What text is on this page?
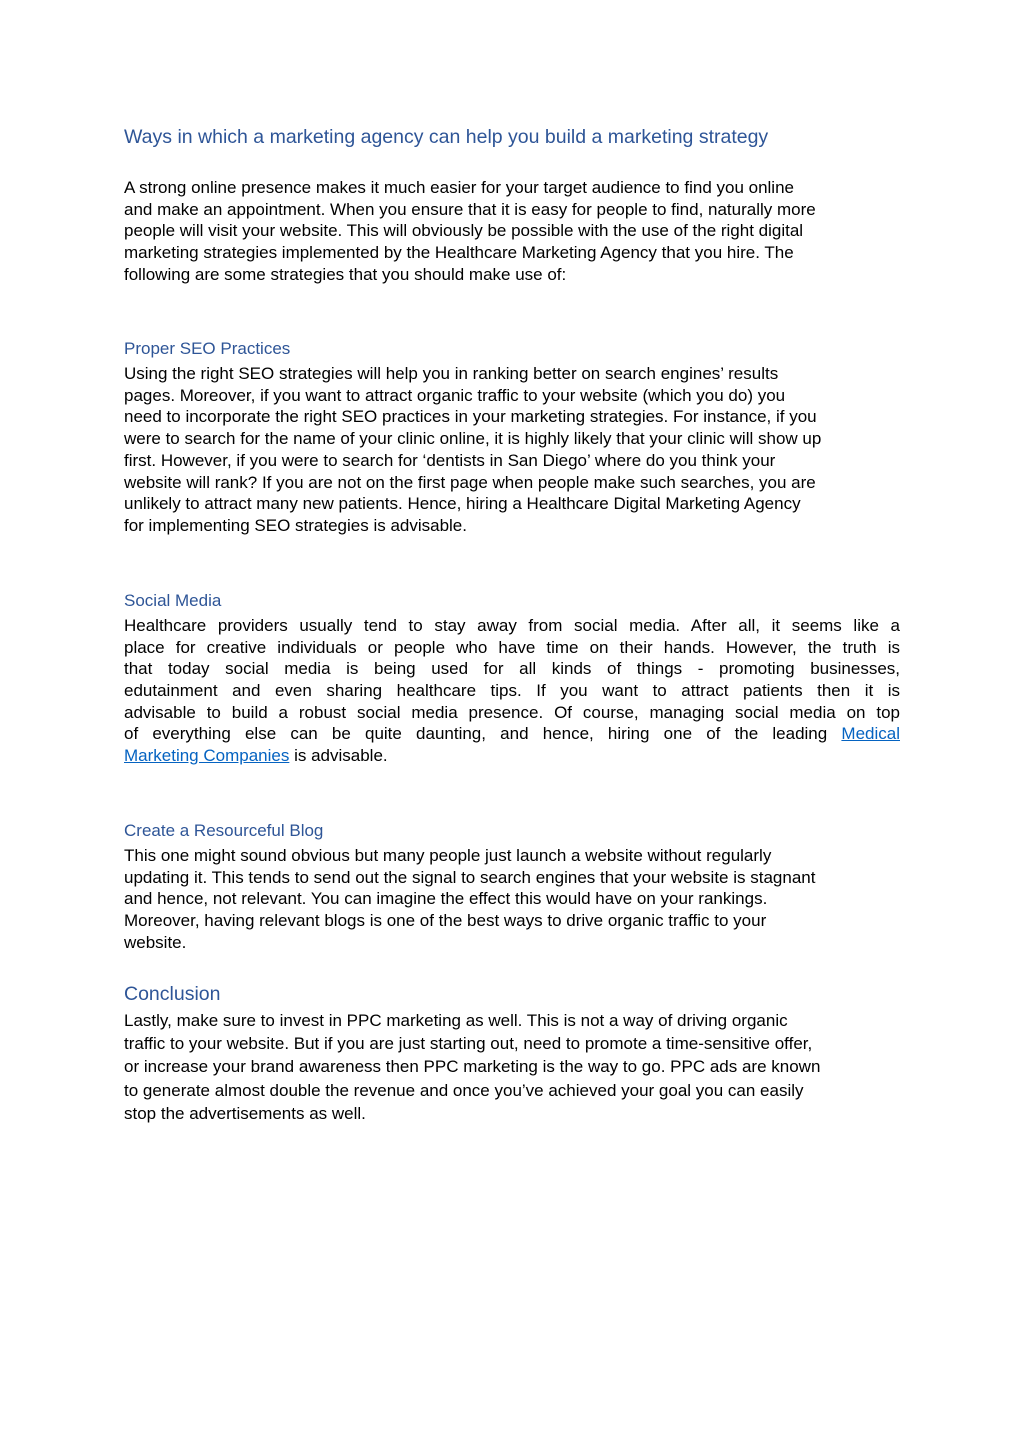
Ways in which a marketing agency can help you build a marketing strategy
A strong online presence makes it much easier for your target audience to find you online
and make an appointment. When you ensure that it is easy for people to find, naturally more
people will visit your website. This will obviously be possible with the use of the right digital
marketing strategies implemented by the Healthcare Marketing Agency that you hire. The
following are some strategies that you should make use of:
Proper SEO Practices
Using the right SEO strategies will help you in ranking better on search engines’ results
pages. Moreover, if you want to attract organic traffic to your website (which you do) you
need to incorporate the right SEO practices in your marketing strategies. For instance, if you
were to search for the name of your clinic online, it is highly likely that your clinic will show up
first. However, if you were to search for ‘dentists in San Diego’ where do you think your
website will rank? If you are not on the first page when people make such searches, you are
unlikely to attract many new patients. Hence, hiring a Healthcare Digital Marketing Agency
for implementing SEO strategies is advisable.
Social Media
Healthcare providers usually tend to stay away from social media. After all, it seems like a
place for creative individuals or people who have time on their hands. However, the truth is
that today social media is being used for all kinds of things - promoting businesses,
edutainment and even sharing healthcare tips. If you want to attract patients then it is
advisable to build a robust social media presence. Of course, managing social media on top
of everything else can be quite daunting, and hence, hiring one of the leading Medical
Marketing Companies is advisable.
Create a Resourceful Blog
This one might sound obvious but many people just launch a website without regularly
updating it. This tends to send out the signal to search engines that your website is stagnant
and hence, not relevant. You can imagine the effect this would have on your rankings.
Moreover, having relevant blogs is one of the best ways to drive organic traffic to your
website.
Conclusion
Lastly, make sure to invest in PPC marketing as well. This is not a way of driving organic
traffic to your website. But if you are just starting out, need to promote a time-sensitive offer,
or increase your brand awareness then PPC marketing is the way to go. PPC ads are known
to generate almost double the revenue and once you’ve achieved your goal you can easily
stop the advertisements as well.
